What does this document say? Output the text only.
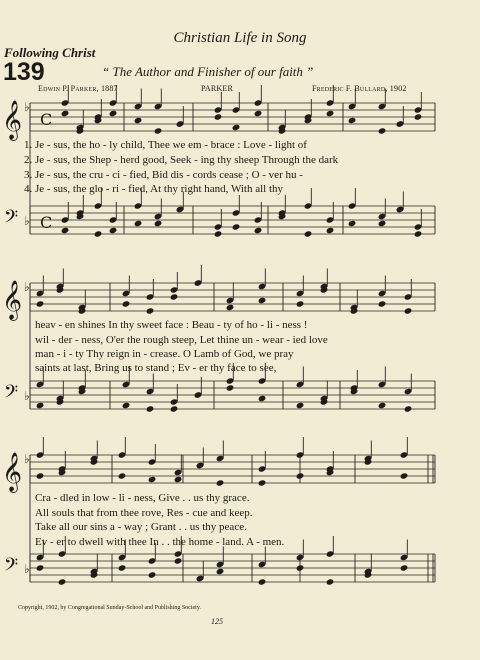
Christian Life in Song
Following Christ
139	“ The Author and Finisher of our faith ”
Edwin P. Parker, 1887	PARKER	Frederic F. Bullard, 1902
𝄞
𝄢
♭
♭
C
C
𝄞
𝄢
♭
♭
𝄞
𝄢
♭
♭
1. Je - sus, the ho - ly child, Thee we em - brace : Love - light of
2. Je - sus, the Shep - herd good, Seek - ing thy sheep Through the dark
3. Je - sus, the cru - ci - fied, Bid dis - cords cease ; O - ver hu -
4. Je - sus, the glo - ri - fied, At thy right hand, With all thy
heav - en shines In thy sweet face : Beau - ty of ho - li - ness !
wil - der - ness, O'er the rough steep, Let thine un - wear - ied love
man - i - ty Thy reign in - crease. O Lamb of God, we pray
saints at last, Bring us to stand ; Ev - er thy face to see,
Cra - dled in low - li - ness, Give . . us thy grace.
All souls that from thee rove, Res - cue and keep.
Take all our sins a - way ; Grant . . us thy peace.
Ev - er to dwell with thee In . . the home - land. A - men.
Copyright, 1902, by Congregational Sunday-School and Publishing Society.
125
